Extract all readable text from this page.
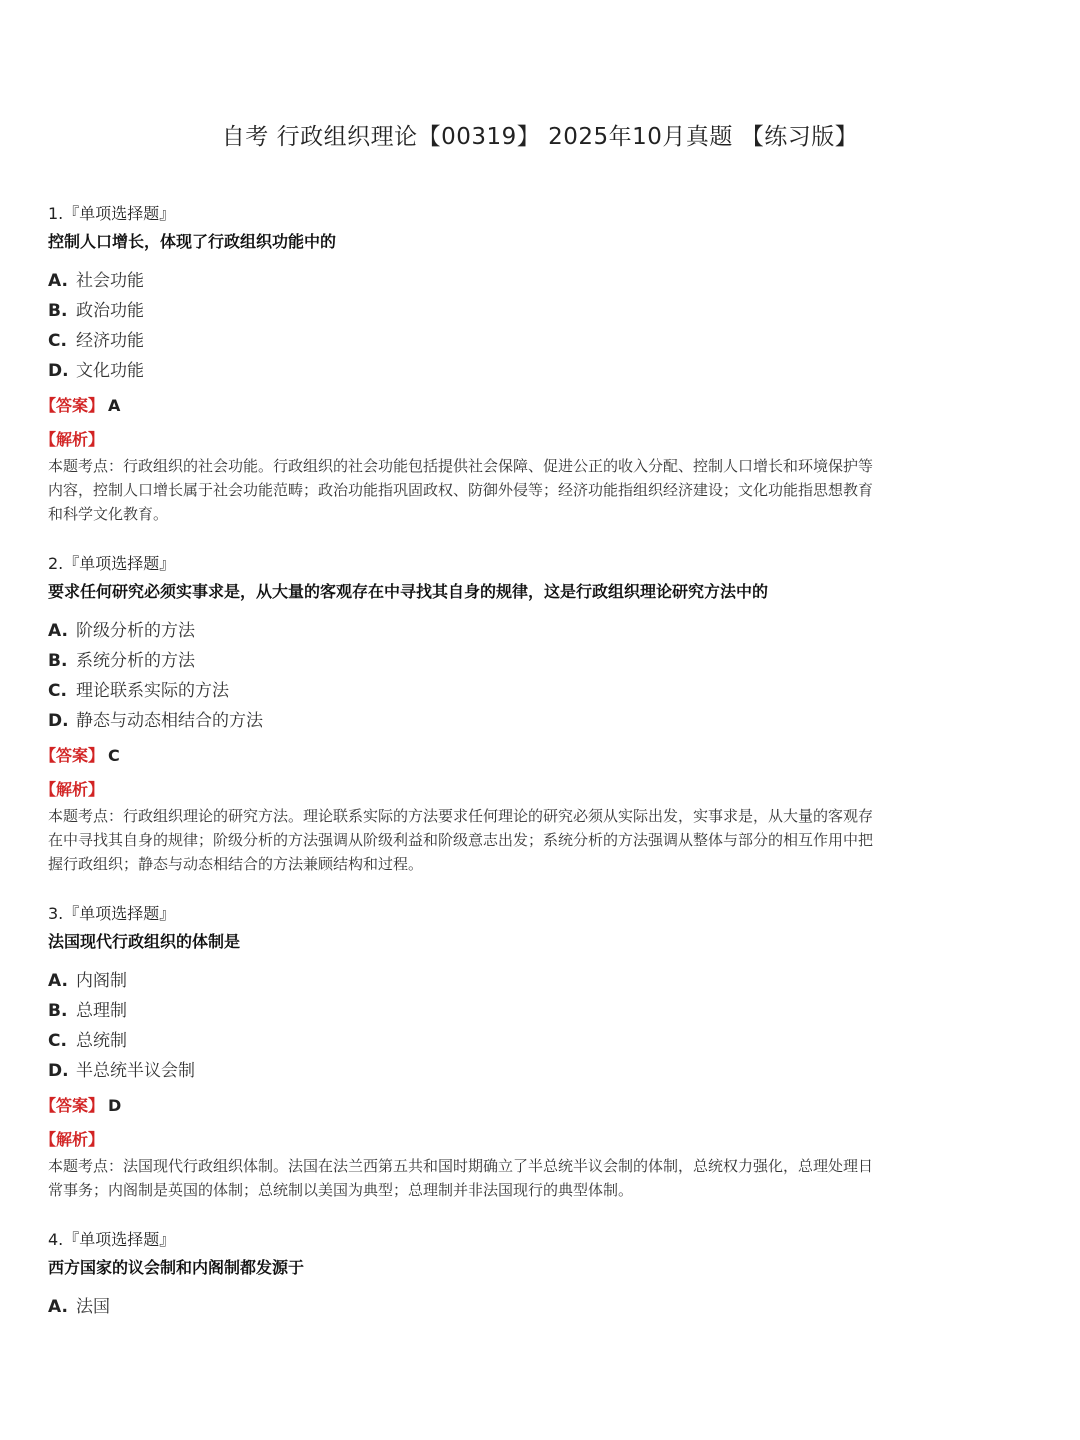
自考 行政组织理论【00319】 2025年10月真题 【练习版】
1.『单项选择题』
控制人口增长，体现了行政组织功能中的
A. 社会功能
B. 政治功能
C. 经济功能
D. 文化功能
【答案】 A
【解析】
本题考点：行政组织的社会功能。行政组织的社会功能包括提供社会保障、促进公正的收入分配、控制人口增长和环境保护等
内容，控制人口增长属于社会功能范畴；政治功能指巩固政权、防御外侵等；经济功能指组织经济建设；文化功能指思想教育
和科学文化教育。
2.『单项选择题』
要求任何研究必须实事求是，从大量的客观存在中寻找其自身的规律，这是行政组织理论研究方法中的
A. 阶级分析的方法
B. 系统分析的方法
C. 理论联系实际的方法
D. 静态与动态相结合的方法
【答案】 C
【解析】
本题考点：行政组织理论的研究方法。理论联系实际的方法要求任何理论的研究必须从实际出发，实事求是，从大量的客观存
在中寻找其自身的规律；阶级分析的方法强调从阶级利益和阶级意志出发；系统分析的方法强调从整体与部分的相互作用中把
握行政组织；静态与动态相结合的方法兼顾结构和过程。
3.『单项选择题』
法国现代行政组织的体制是
A. 内阁制
B. 总理制
C. 总统制
D. 半总统半议会制
【答案】 D
【解析】
本题考点：法国现代行政组织体制。法国在法兰西第五共和国时期确立了半总统半议会制的体制，总统权力强化，总理处理日
常事务；内阁制是英国的体制；总统制以美国为典型；总理制并非法国现行的典型体制。
4.『单项选择题』
西方国家的议会制和内阁制都发源于
A. 法国
